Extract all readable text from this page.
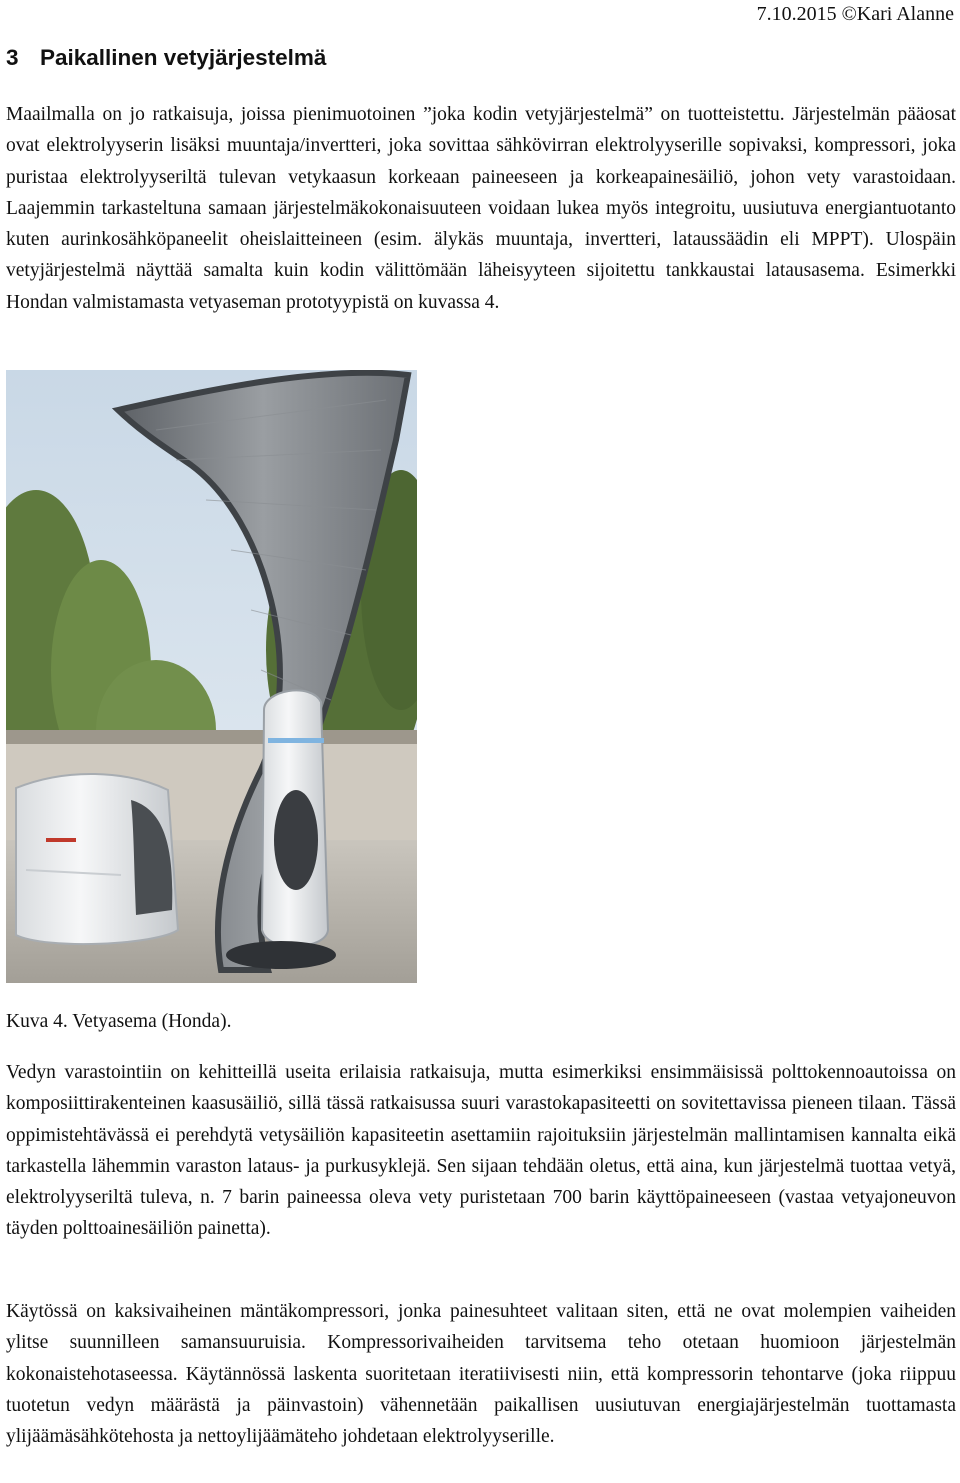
7.10.2015 ©Kari Alanne
3 Paikallinen vetyjärjestelmä

Maailmalla on jo ratkaisuja, joissa pienimuotoinen ”joka kodin vetyjärjestelmä” on tuotteistettu. Järjestelmän pääosat ovat elektrolyyserin lisäksi muuntaja/invertteri, joka sovittaa sähkövirran elektrolyyserille sopivaksi, kompressori, joka puristaa elektrolyyseriltä tulevan vetykaasun korkeaan paineeseen ja korkeapainesäiliö, johon vety varastoidaan. Laajemmin tarkasteltuna samaan järjestelmäkokonaisuuteen voidaan lukea myös integroitu, uusiutuva energiantuotanto kuten aurinkosähköpaneelit oheislaitteineen (esim. älykäs muuntaja, invertteri, lataussäädin eli MPPT). Ulospäin vetyjärjestelmä näyttää samalta kuin kodin välittömään läheisyyteen sijoitettu tankkaustai latausasema. Esimerkki Hondan valmistamasta vetyaseman prototyypistä on kuvassa 4.

Kuva 4. Vetyasema (Honda).

Vedyn varastointiin on kehitteillä useita erilaisia ratkaisuja, mutta esimerkiksi ensimmäisissä polttokennoautoissa on komposiittirakenteinen kaasusäiliö, sillä tässä ratkaisussa suuri varastokapasiteetti on sovitettavissa pieneen tilaan. Tässä oppimistehtävässä ei perehdytä vetysäiliön kapasiteetin asettamiin rajoituksiin järjestelmän mallintamisen kannalta eikä tarkastella lähemmin varaston lataus- ja purkusyklejä. Sen sijaan tehdään oletus, että aina, kun järjestelmä tuottaa vetyä, elektrolyyseriltä tuleva, n. 7 barin paineessa oleva vety puristetaan 700 barin käyttöpaineeseen (vastaa vetyajoneuvon täyden polttoainesäiliön painetta).

Käytössä on kaksivaiheinen mäntäkompressori, jonka painesuhteet valitaan siten, että ne ovat molempien vaiheiden ylitse suunnilleen samansuuruisia. Kompressorivaiheiden tarvitsema teho otetaan huomioon järjestelmän kokonaistehotaseessa. Käytännössä laskenta suoritetaan iteratiivisesti niin, että kompressorin tehontarve (joka riippuu tuotetun vedyn määrästä ja päinvastoin) vähennetään paikallisen uusiutuvan energiajärjestelmän tuottamasta ylijäämäsähkötehosta ja nettoylijäämäteho johdetaan elektrolyyserille.
